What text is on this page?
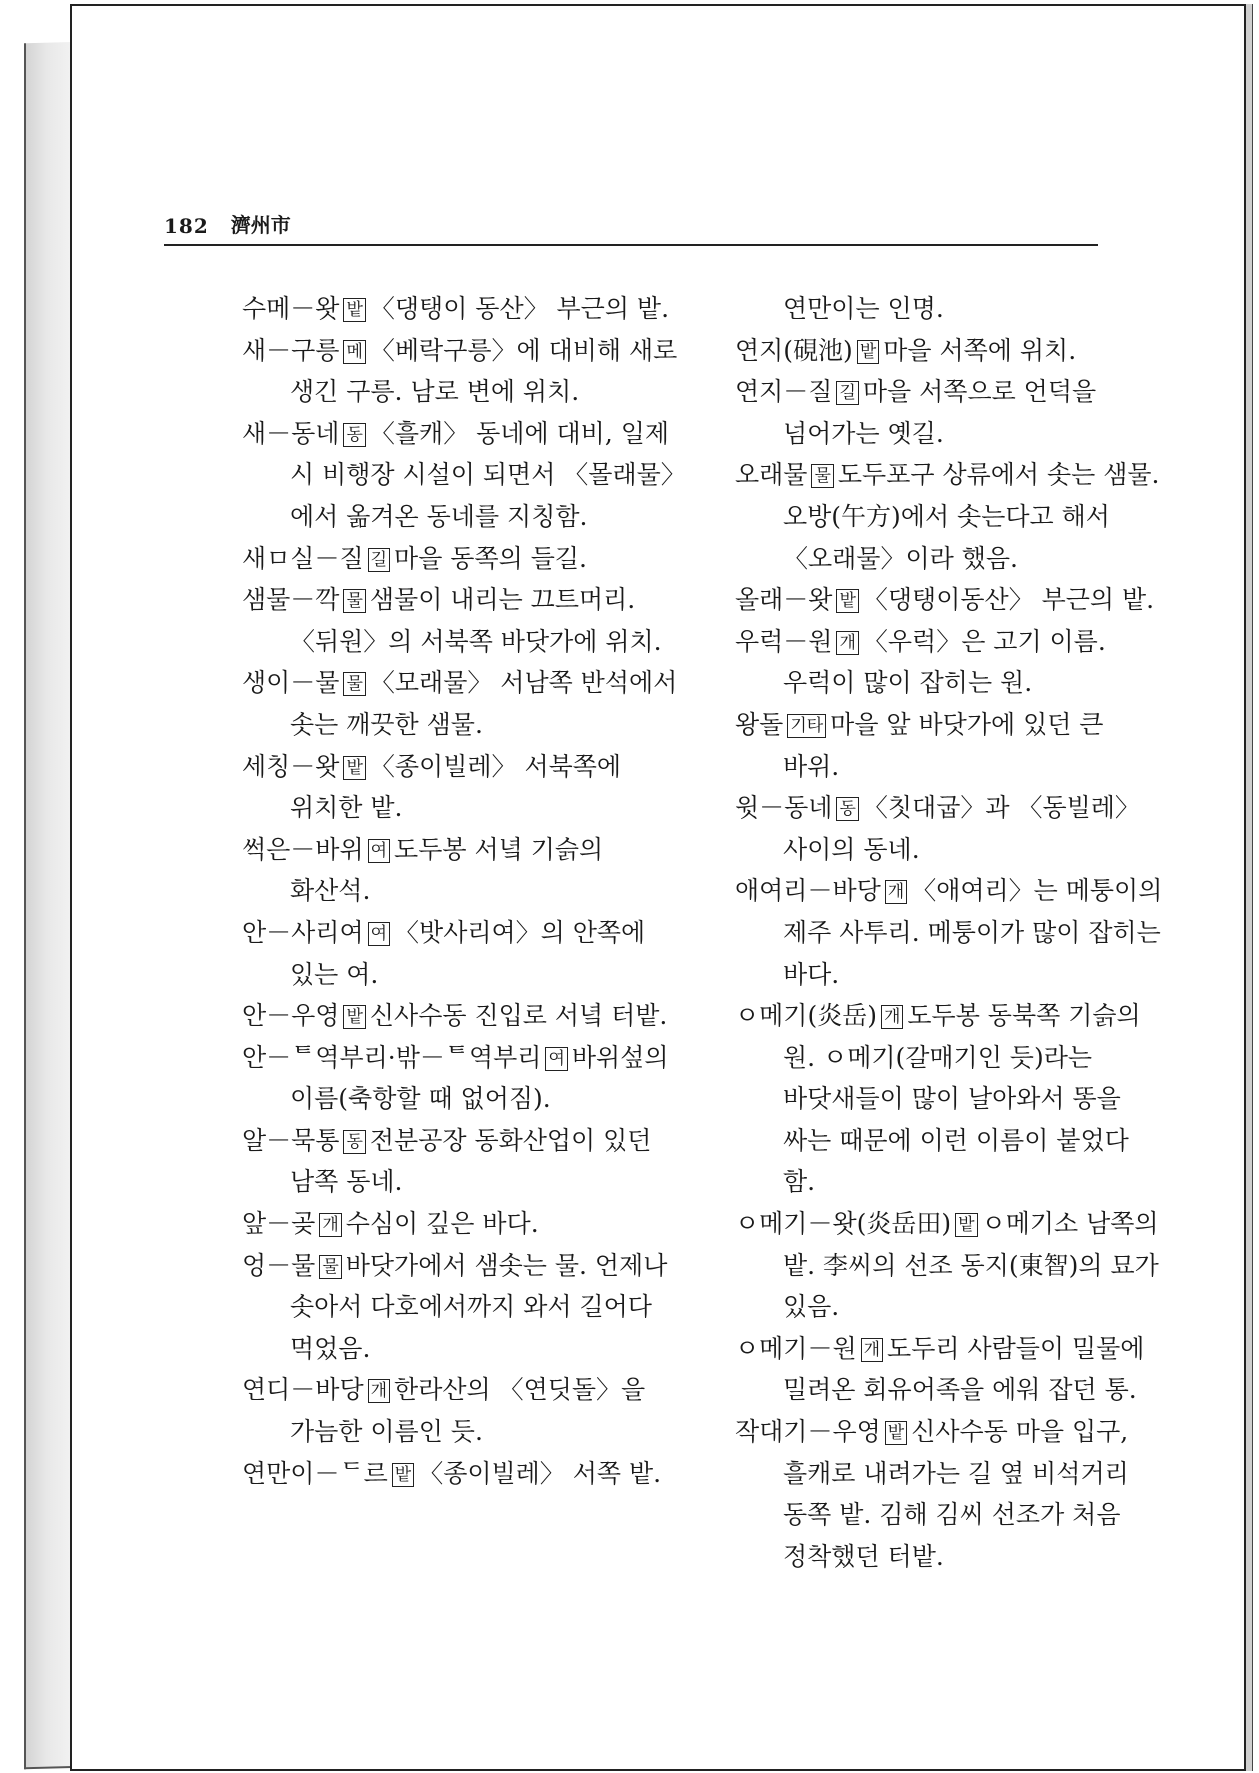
182 濟州市
수메－왓 밭 〈댕탱이 동산〉 부근의 밭.
새－구릉 메 〈베락구릉〉에 대비해 새로 생긴 구릉. 남로 변에 위치.
새－동네 동 〈흘캐〉 동네에 대비, 일제 시 비행장 시설이 되면서 〈몰래물〉에서 옮겨온 동네를 지칭함.
새ㅁ실－질 길 마을 동쪽의 들길.
샘물－깍 물 샘물이 내리는 끄트머리. 〈뒤원〉의 서북쪽 바닷가에 위치.
생이－물 물 〈모래물〉 서남쪽 반석에서 솟는 깨끗한 샘물.
세칭－왓 밭 〈종이빌레〉 서북쪽에 위치한 밭.
썩은－바위 여 도두봉 서녘 기슭의 화산석.
안－사리여 여 〈밧사리여〉의 안쪽에 있는 여.
안－우영 밭 신사수동 진입로 서녘 터밭.
안－ᄐ역부리·밖－ᄐ역부리 여 바위섶의 이름(축항할 때 없어짐).
알－묵통 동 전분공장 동화산업이 있던 남쪽 동네.
앞－곶 개 수심이 깊은 바다.
엉－물 물 바닷가에서 샘솟는 물. 언제나 솟아서 다호에서까지 와서 길어다 먹었음.
연디－바당 개 한라산의 〈연딧돌〉을 가늠한 이름인 듯.
연만이－ᄃ르 밭 〈종이빌레〉 서쪽 밭.
연만이는 인명.
연지(硯池) 밭 마을 서쪽에 위치.
연지－질 길 마을 서쪽으로 언덕을 넘어가는 옛길.
오래물 물 도두포구 상류에서 솟는 샘물. 오방(午方)에서 솟는다고 해서 〈오래물〉이라 했음.
올래－왓 밭 〈댕탱이동산〉 부근의 밭.
우럭－원 개 〈우럭〉은 고기 이름. 우럭이 많이 잡히는 원.
왕돌 기타 마을 앞 바닷가에 있던 큰 바위.
윗－동네 동 〈칫대굽〉과 〈동빌레〉 사이의 동네.
애여리－바당 개 〈애여리〉는 메퉁이의 제주 사투리. 메퉁이가 많이 잡히는 바다.
ㅇ메기(炎岳) 개 도두봉 동북쪽 기슭의 원. ㅇ메기(갈매기인 듯)라는 바닷새들이 많이 날아와서 똥을 싸는 때문에 이런 이름이 붙었다 함.
ㅇ메기－왓(炎岳田) 밭 ㅇ메기소 남쪽의 밭. 李씨의 선조 동지(東智)의 묘가 있음.
ㅇ메기－원 개 도두리 사람들이 밀물에 밀려온 회유어족을 에워 잡던 통.
작대기－우영 밭 신사수동 마을 입구, 흘캐로 내려가는 길 옆 비석거리 동쪽 밭. 김해 김씨 선조가 처음 정착했던 터밭.
